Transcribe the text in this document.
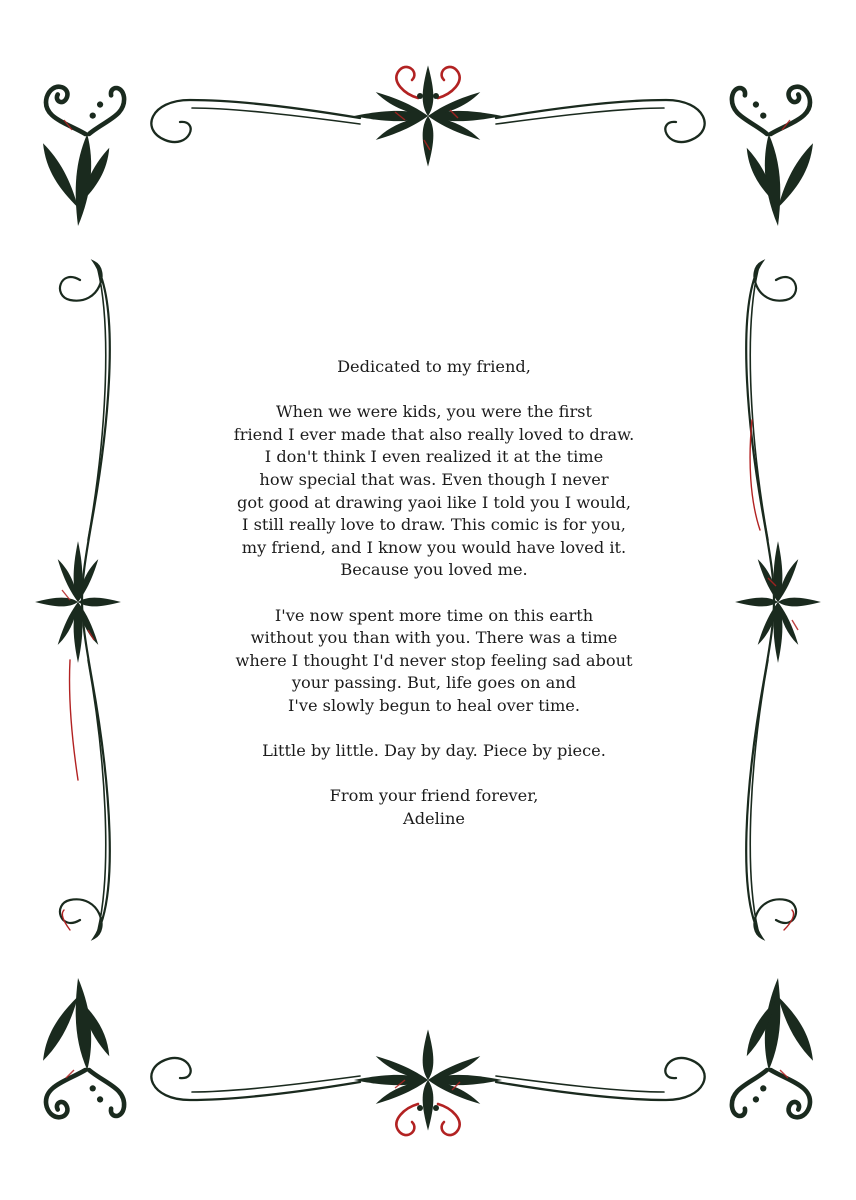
Dedicated to my friend,
When we were kids, you were the first
friend I ever made that also really loved to draw.
I don't think I even realized it at the time
how special that was. Even though I never
got good at drawing yaoi like I told you I would,
I still really love to draw. This comic is for you,
my friend, and I know you would have loved it.
Because you loved me.
I've now spent more time on this earth
without you than with you. There was a time
where I thought I'd never stop feeling sad about
your passing. But, life goes on and
I've slowly begun to heal over time.
Little by little. Day by day. Piece by piece.
From your friend forever,
Adeline
